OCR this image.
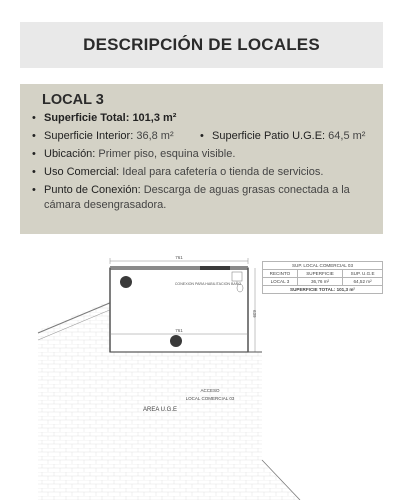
DESCRIPCIÓN DE LOCALES
LOCAL 3
• Superficie Total:
101,3 m²
• Superficie Interior:
36,8 m² • Superficie Patio U.G.E:
64,5 m²
• Ubicación:
Primer piso, esquina visible.
• Uso Comercial:
Ideal para cafetería o tienda de servicios.
• Punto de Conexión: Descarga de aguas grasas conectada a la cámara desengrasadora.
761
639
CONEXION PARA HABILITACION BAÑO
761
ACCESO
LOCAL COMERCIAL 03
AREA U.G.E
SUP. LOCAL COMERCIAL 03		
RECINTO	SUPERFICIE	SUP. U.G.E
LOCAL 3	36,76 m²	64,52 m²
SUPERFICIE TOTAL: 101,3 m²		
